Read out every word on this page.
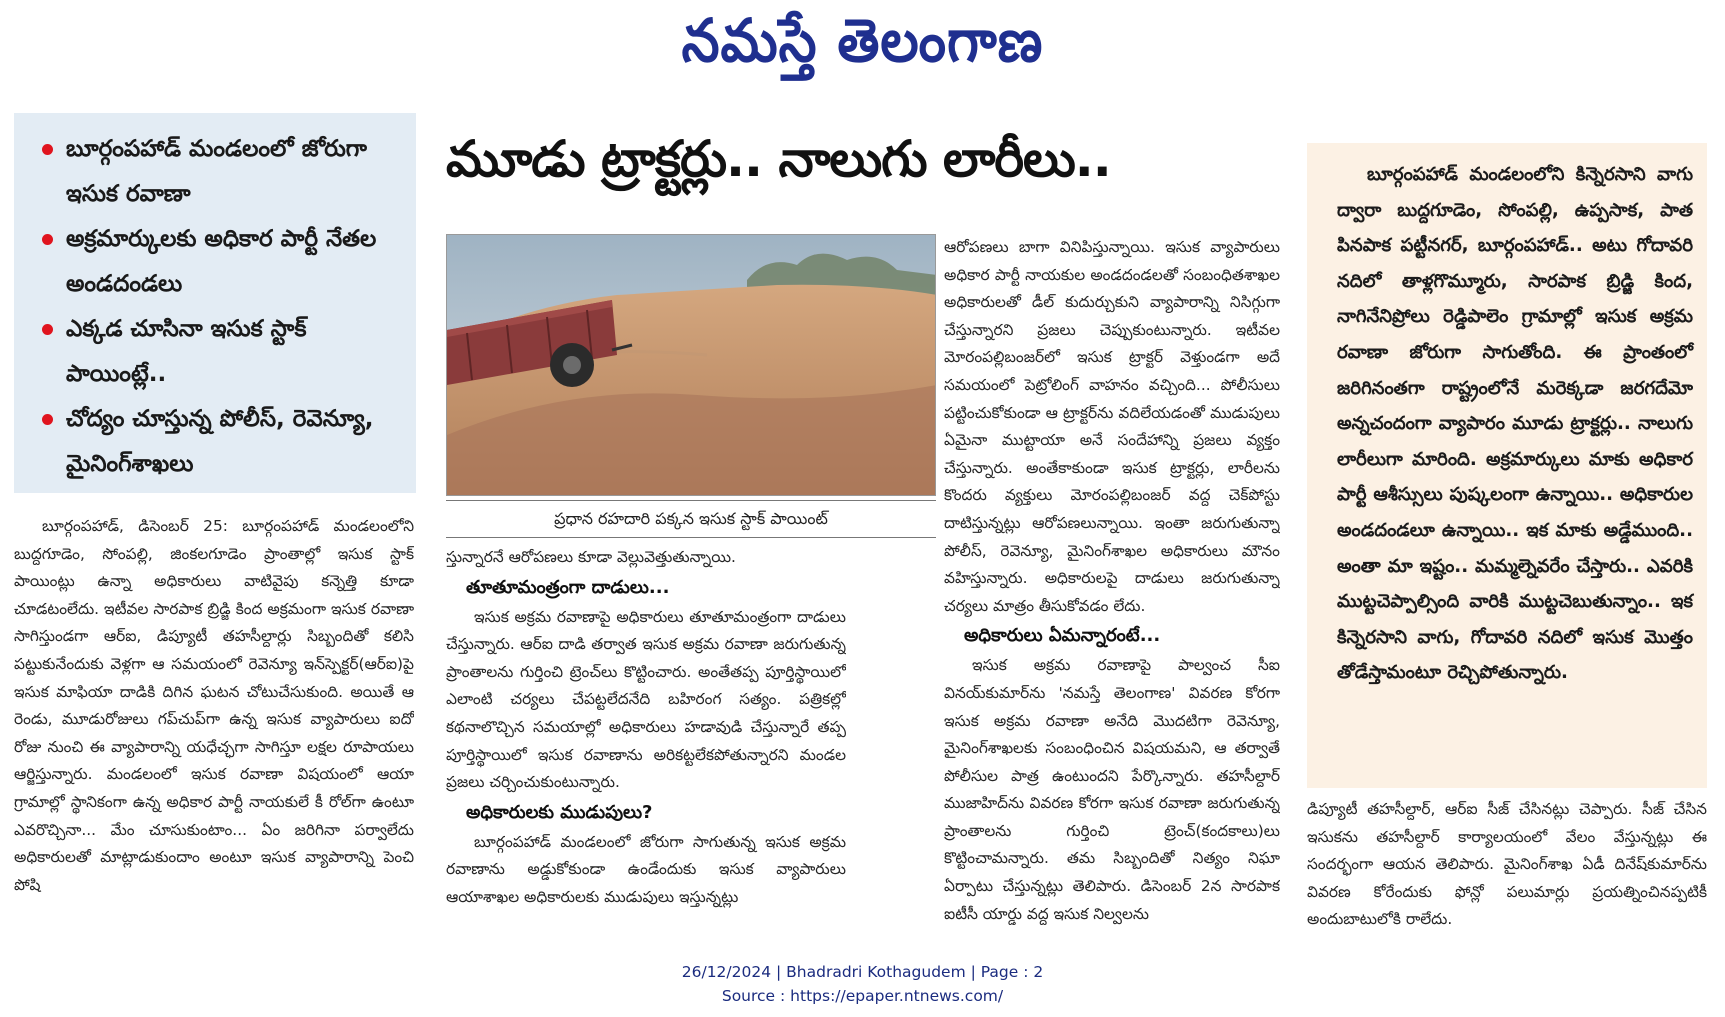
నమస్తే తెలంగాణ
బూర్గంపహాడ్ మండలంలో జోరుగా ఇసుక రవాణా
అక్రమార్కులకు అధికార పార్టీ నేతల అండదండలు
ఎక్కడ చూసినా ఇసుక స్టాక్ పాయింట్లే..
చోద్యం చూస్తున్న పోలీస్, రెవెన్యూ, మైనింగ్‌శాఖలు
మూడు ట్రాక్టర్లు.. నాలుగు లారీలు..
ప్రధాన రహదారి పక్కన ఇసుక స్టాక్ పాయింట్

బూర్గంపహాడ్, డిసెంబర్ 25: బూర్గంపహాడ్ మండలంలోని బుద్దగూడెం, సోంపల్లి, జింకలగూడెం ప్రాంతాల్లో ఇసుక స్టాక్ పాయింట్లు ఉన్నా అధికారులు వాటివైపు కన్నెత్తి కూడా చూడటంలేదు. ఇటీవల సారపాక బ్రిడ్జి కింద అక్రమంగా ఇసుక రవాణా సాగిస్తుండగా ఆర్ఐ, డిప్యూటీ తహసీల్దార్లు సిబ్బందితో కలిసి పట్టుకునేందుకు వెళ్లగా ఆ సమయంలో రెవెన్యూ ఇన్‌స్పెక్టర్(ఆర్ఐ)పై ఇసుక మాఫియా దాడికి దిగిన ఘటన చోటుచేసుకుంది. అయితే ఆ రెండు, మూడురోజులు గప్‌చుప్‌గా ఉన్న ఇసుక వ్యాపారులు ఐదో రోజు నుంచి ఈ వ్యాపారాన్ని యధేచ్ఛగా సాగిస్తూ లక్షల రూపాయలు ఆర్జిస్తున్నారు. మండలంలో ఇసుక రవాణా విషయంలో ఆయా గ్రామాల్లో స్థానికంగా ఉన్న అధికార పార్టీ నాయకులే కీ రోల్‌గా ఉంటూ ఎవరొచ్చినా... మేం చూసుకుంటాం... ఏం జరిగినా పర్వాలేదు అధికారులతో మాట్లాడుకుందాం అంటూ ఇసుక వ్యాపారాన్ని పెంచి పోషి

స్తున్నారనే ఆరోపణలు కూడా వెల్లువెత్తుతున్నాయి.

తూతూమంత్రంగా దాడులు...

ఇసుక అక్రమ రవాణాపై అధికారులు తూతూమంత్రంగా దాడులు చేస్తున్నారు. ఆర్ఐ దాడి తర్వాత ఇసుక అక్రమ రవాణా జరుగుతున్న ప్రాంతాలను గుర్తించి ట్రెంచ్‌లు కొట్టించారు. అంతేతప్ప పూర్తిస్థాయిలో ఎలాంటి చర్యలు చేపట్టలేదనేది బహిరంగ సత్యం. పత్రికల్లో కథనాలొచ్చిన సమయాల్లో అధికారులు హడావుడి చేస్తున్నారే తప్ప పూర్తిస్థాయిలో ఇసుక రవాణాను అరికట్టలేకపోతున్నారని మండల ప్రజలు చర్చించుకుంటున్నారు.

అధికారులకు ముడుపులు?

బూర్గంపహాడ్ మండలంలో జోరుగా సాగుతున్న ఇసుక అక్రమ రవాణాను అడ్డుకోకుండా ఉండేందుకు ఇసుక వ్యాపారులు ఆయాశాఖల అధికారులకు ముడుపులు ఇస్తున్నట్లు

ఆరోపణలు బాగా వినిపిస్తున్నాయి. ఇసుక వ్యాపారులు అధికార పార్టీ నాయకుల అండదండలతో సంబంధితశాఖల అధికారులతో డీల్ కుదుర్చుకుని వ్యాపారాన్ని నిసిగ్గుగా చేస్తున్నారని ప్రజలు చెప్పుకుంటున్నారు. ఇటీవల మోరంపల్లిబంజర్‌లో ఇసుక ట్రాక్టర్ వెళ్తుండగా అదే సమయంలో పెట్రోలింగ్ వాహనం వచ్చింది... పోలీసులు పట్టించుకోకుండా ఆ ట్రాక్టర్‌ను వదిలేయడంతో ముడుపులు ఏమైనా ముట్టాయా అనే సందేహాన్ని ప్రజలు వ్యక్తం చేస్తున్నారు. అంతేకాకుండా ఇసుక ట్రాక్టర్లు, లారీలను కొందరు వ్యక్తులు మోరంపల్లిబంజర్ వద్ద చెక్‌పోస్టు దాటిస్తున్నట్లు ఆరోపణలున్నాయి. ఇంతా జరుగుతున్నా పోలీస్, రెవెన్యూ, మైనింగ్‌శాఖల అధికారులు మౌనం వహిస్తున్నారు. అధికారులపై దాడులు జరుగుతున్నా చర్యలు మాత్రం తీసుకోవడం లేదు.

అధికారులు ఏమన్నారంటే...

ఇసుక అక్రమ రవాణాపై పాల్వంచ సీఐ వినయ్‌కుమార్‌ను 'నమస్తే తెలంగాణ' వివరణ కోరగా ఇసుక అక్రమ రవాణా అనేది మొదటిగా రెవెన్యూ, మైనింగ్‌శాఖలకు సంబంధించిన విషయమని, ఆ తర్వాతే పోలీసుల పాత్ర ఉంటుందని పేర్కొన్నారు. తహసీల్దార్ ముజాహిద్‌ను వివరణ కోరగా ఇసుక రవాణా జరుగుతున్న ప్రాంతాలను గుర్తించి ట్రెంచ్(కందకాలు)లు కొట్టించామన్నారు. తమ సిబ్బందితో నిత్యం నిఘా ఏర్పాటు చేస్తున్నట్లు తెలిపారు. డిసెంబర్ 2న సారపాక ఐటీసీ యార్డు వద్ద ఇసుక నిల్వలను

బూర్గంపహాడ్ మండలంలోని కిన్నెరసాని వాగు ద్వారా బుద్దగూడెం, సోంపల్లి, ఉప్పసాక, పాత పినపాక పట్టీనగర్, బూర్గంపహాడ్.. అటు గోదావరి నదిలో తాళ్లగొమ్మూరు, సారపాక బ్రిడ్జి కింద, నాగినేనిప్రోలు రెడ్డిపాలెం గ్రామాల్లో ఇసుక అక్రమ రవాణా జోరుగా సాగుతోంది. ఈ ప్రాంతంలో జరిగినంతగా రాష్ట్రంలోనే మరెక్కడా జరగదేమో అన్నచందంగా వ్యాపారం మూడు ట్రాక్టర్లు.. నాలుగు లారీలుగా మారింది. అక్రమార్కులు మాకు అధికార పార్టీ ఆశీస్సులు పుష్కలంగా ఉన్నాయి.. అధికారుల అండదండలూ ఉన్నాయి.. ఇక మాకు అడ్డేముంది.. అంతా మా ఇష్టం.. మమ్మల్నెవరేం చేస్తారు.. ఎవరికి ముట్టచెప్పాల్సింది వారికి ముట్టచెబుతున్నాం.. ఇక కిన్నెరసాని వాగు, గోదావరి నదిలో ఇసుక మొత్తం తోడేస్తామంటూ రెచ్చిపోతున్నారు.

డిప్యూటీ తహసీల్దార్, ఆర్ఐ సీజ్ చేసినట్లు చెప్పారు. సీజ్ చేసిన ఇసుకను తహసీల్దార్ కార్యాలయంలో వేలం వేస్తున్నట్లు ఈ సందర్భంగా ఆయన తెలిపారు. మైనింగ్‌శాఖ ఏడీ దినేష్‌కుమార్‌ను వివరణ కోరేందుకు ఫోన్లో పలుమార్లు ప్రయత్నించినప్పటికీ అందుబాటులోకి రాలేదు.

26/12/2024 | Bhadradri Kothagudem | Page : 2
Source : https://epaper.ntnews.com/
